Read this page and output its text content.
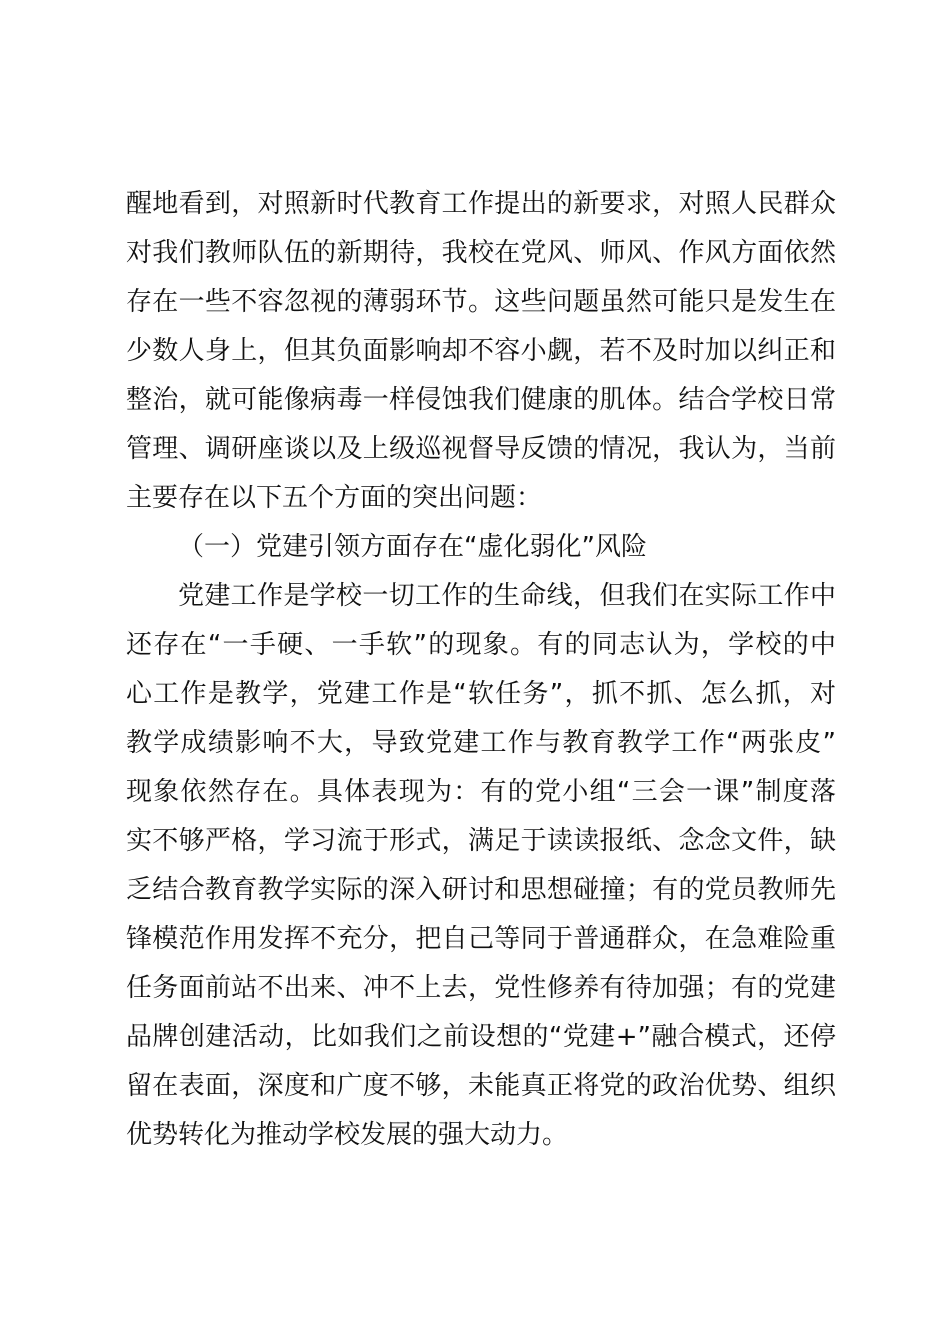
醒地看到，对照新时代教育工作提出的新要求，对照人民群众
对我们教师队伍的新期待，我校在党风、师风、作风方面依然
存在一些不容忽视的薄弱环节。这些问题虽然可能只是发生在
少数人身上，但其负面影响却不容小觑，若不及时加以纠正和
整治，就可能像病毒一样侵蚀我们健康的肌体。结合学校日常
管理、调研座谈以及上级巡视督导反馈的情况，我认为，当前
主要存在以下五个方面的突出问题：
（一）党建引领方面存在“虚化弱化”风险
党建工作是学校一切工作的生命线，但我们在实际工作中
还存在“一手硬、一手软”的现象。有的同志认为，学校的中
心工作是教学，党建工作是“软任务”，抓不抓、怎么抓，对
教学成绩影响不大，导致党建工作与教育教学工作“两张皮”
现象依然存在。具体表现为：有的党小组“三会一课”制度落
实不够严格，学习流于形式，满足于读读报纸、念念文件，缺
乏结合教育教学实际的深入研讨和思想碰撞；有的党员教师先
锋模范作用发挥不充分，把自己等同于普通群众，在急难险重
任务面前站不出来、冲不上去，党性修养有待加强；有的党建
品牌创建活动，比如我们之前设想的“党建+”融合模式，还停
留在表面，深度和广度不够，未能真正将党的政治优势、组织
优势转化为推动学校发展的强大动力。
